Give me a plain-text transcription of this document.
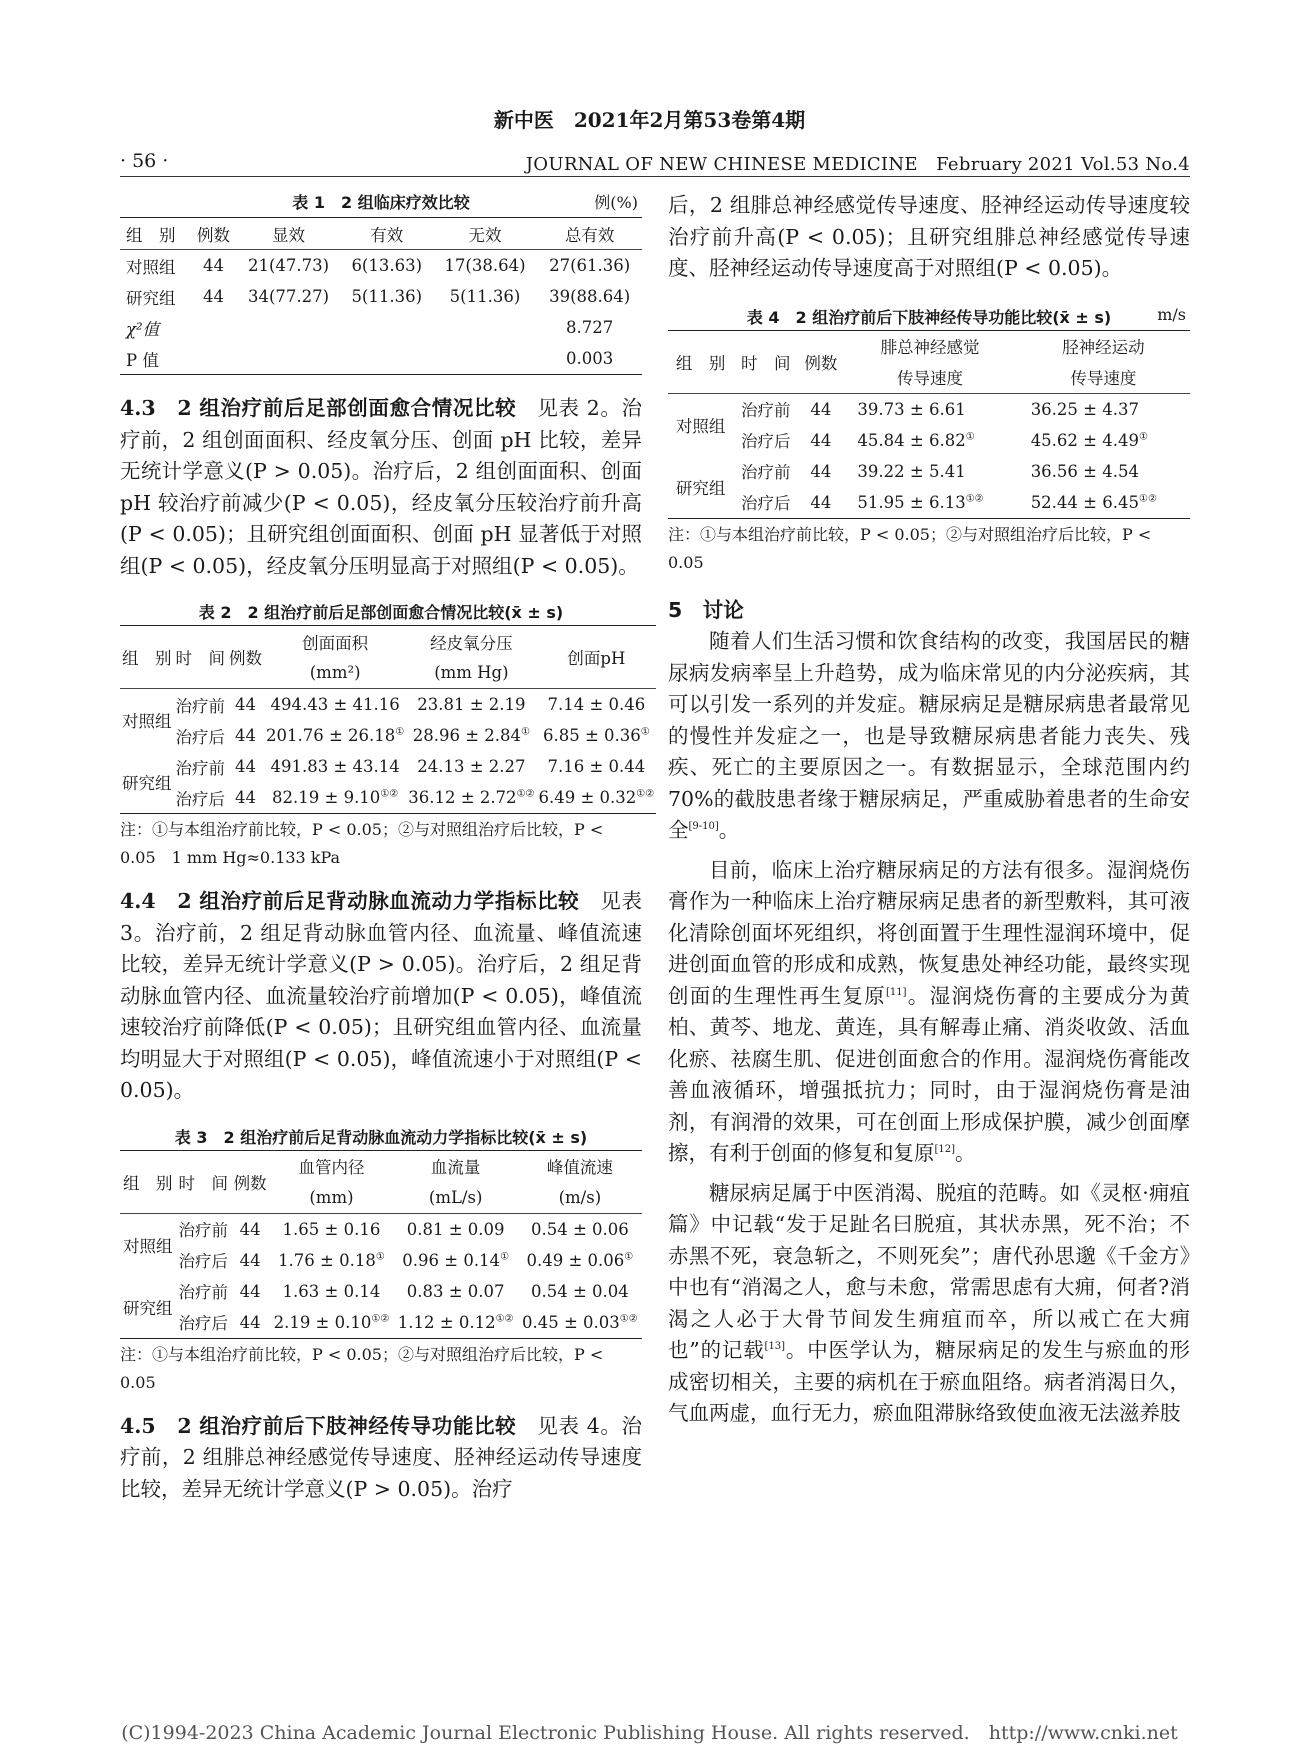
新中医　2021年2月第53卷第4期
· 56 ·	JOURNAL OF NEW CHINESE MEDICINE　February 2021 Vol.53 No.4
表 1　2 组临床疗效比较	例(%)
组　别	例数	显效	有效	无效	总有效
对照组	44	21(47.73)	6(13.63)	17(38.64)	27(61.36)
研究组	44	34(77.27)	5(11.36)	5(11.36)	39(88.64)
χ²值					8.727
P 值					0.003

4.3　2 组治疗前后足部创面愈合情况比较　见表 2。治疗前，2 组创面面积、经皮氧分压、创面 pH 比较，差异无统计学意义(P > 0.05)。治疗后，2 组创面面积、创面 pH 较治疗前减少(P < 0.05)，经皮氧分压较治疗前升高(P < 0.05)；且研究组创面面积、创面 pH 显著低于对照组(P < 0.05)，经皮氧分压明显高于对照组(P < 0.05)。

表 2　2 组治疗前后足部创面愈合情况比较(x̄ ± s)
组　别	时　间	例数	创面面积	经皮氧分压	创面pH
			(mm²)	(mm Hg)	
对照组	治疗前	44	494.43 ± 41.16	23.81 ± 2.19	7.14 ± 0.46
	治疗后	44	201.76 ± 26.18①	28.96 ± 2.84①	6.85 ± 0.36①
研究组	治疗前	44	491.83 ± 43.14	24.13 ± 2.27	7.16 ± 0.44
	治疗后	44	82.19 ± 9.10①②	36.12 ± 2.72①②	6.49 ± 0.32①②

注：①与本组治疗前比较，P < 0.05；②与对照组治疗后比较，P < 0.05　1 mm Hg≈0.133 kPa

4.4　2 组治疗前后足背动脉血流动力学指标比较　见表 3。治疗前，2 组足背动脉血管内径、血流量、峰值流速比较，差异无统计学意义(P > 0.05)。治疗后，2 组足背动脉血管内径、血流量较治疗前增加(P < 0.05)，峰值流速较治疗前降低(P < 0.05)；且研究组血管内径、血流量均明显大于对照组(P < 0.05)，峰值流速小于对照组(P < 0.05)。

表 3　2 组治疗前后足背动脉血流动力学指标比较(x̄ ± s)
组　别	时　间	例数	血管内径	血流量	峰值流速
			(mm)	(mL/s)	(m/s)
对照组	治疗前	44	1.65 ± 0.16	0.81 ± 0.09	0.54 ± 0.06
	治疗后	44	1.76 ± 0.18①	0.96 ± 0.14①	0.49 ± 0.06①
研究组	治疗前	44	1.63 ± 0.14	0.83 ± 0.07	0.54 ± 0.04
	治疗后	44	2.19 ± 0.10①②	1.12 ± 0.12①②	0.45 ± 0.03①②

注：①与本组治疗前比较，P < 0.05；②与对照组治疗后比较，P < 0.05

4.5　2 组治疗前后下肢神经传导功能比较　见表 4。治疗前，2 组腓总神经感觉传导速度、胫神经运动传导速度比较，差异无统计学意义(P > 0.05)。治疗

后，2 组腓总神经感觉传导速度、胫神经运动传导速度较治疗前升高(P < 0.05)；且研究组腓总神经感觉传导速度、胫神经运动传导速度高于对照组(P < 0.05)。

表 4　2 组治疗前后下肢神经传导功能比较(x̄ ± s)	m/s
组　别	时　间	例数	腓总神经感觉	胫神经运动
			传导速度	传导速度
对照组	治疗前	44	39.73 ± 6.61	36.25 ± 4.37
	治疗后	44	45.84 ± 6.82①	45.62 ± 4.49①
研究组	治疗前	44	39.22 ± 5.41	36.56 ± 4.54
	治疗后	44	51.95 ± 6.13①②	52.44 ± 6.45①②

注：①与本组治疗前比较，P < 0.05；②与对照组治疗后比较，P < 0.05

5　讨论

随着人们生活习惯和饮食结构的改变，我国居民的糖尿病发病率呈上升趋势，成为临床常见的内分泌疾病，其可以引发一系列的并发症。糖尿病足是糖尿病患者最常见的慢性并发症之一，也是导致糖尿病患者能力丧失、残疾、死亡的主要原因之一。有数据显示，全球范围内约 70%的截肢患者缘于糖尿病足，严重威胁着患者的生命安全[9-10]。

目前，临床上治疗糖尿病足的方法有很多。湿润烧伤膏作为一种临床上治疗糖尿病足患者的新型敷料，其可液化清除创面坏死组织，将创面置于生理性湿润环境中，促进创面血管的形成和成熟，恢复患处神经功能，最终实现创面的生理性再生复原[11]。湿润烧伤膏的主要成分为黄柏、黄芩、地龙、黄连，具有解毒止痛、消炎收敛、活血化瘀、祛腐生肌、促进创面愈合的作用。湿润烧伤膏能改善血液循环，增强抵抗力；同时，由于湿润烧伤膏是油剂，有润滑的效果，可在创面上形成保护膜，减少创面摩擦，有利于创面的修复和复原[12]。

糖尿病足属于中医消渴、脱疽的范畴。如《灵枢·痈疽篇》中记载“发于足趾名曰脱疽，其状赤黑，死不治；不赤黑不死，衰急斩之，不则死矣”；唐代孙思邈《千金方》中也有“消渴之人，愈与未愈，常需思虑有大痈，何者?消渴之人必于大骨节间发生痈疽而卒，所以戒亡在大痈也”的记载[13]。中医学认为，糖尿病足的发生与瘀血的形成密切相关，主要的病机在于瘀血阻络。病者消渴日久，气血两虚，血行无力，瘀血阻滞脉络致使血液无法滋养肢

(C)1994-2023 China Academic Journal Electronic Publishing House. All rights reserved.　http://www.cnki.net
